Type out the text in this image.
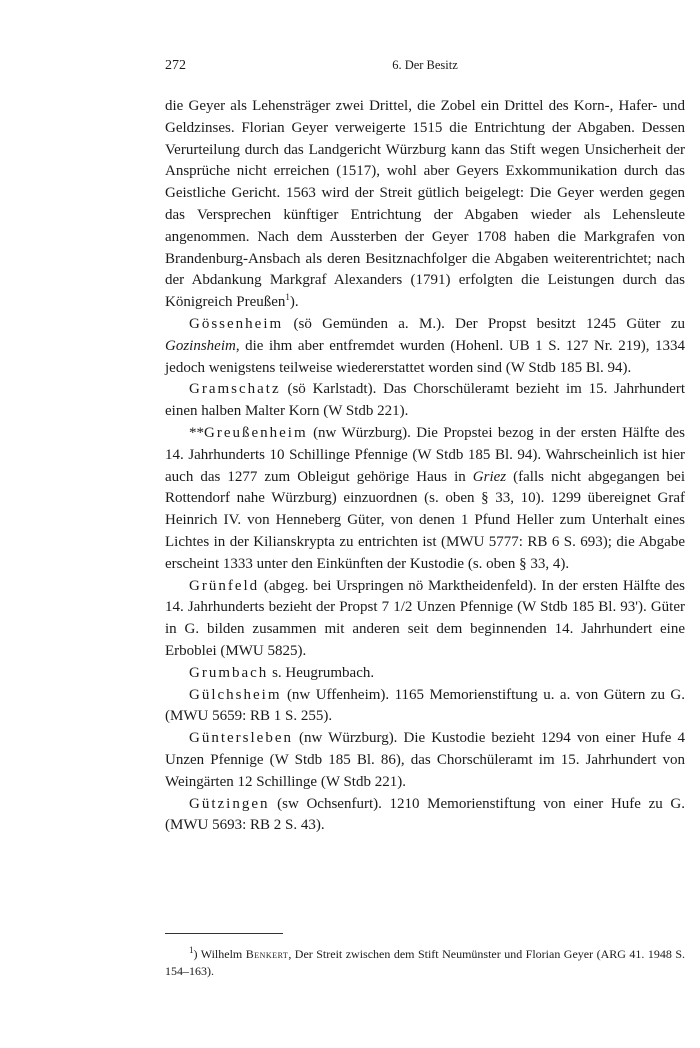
272	6. Der Besitz

die Geyer als Lehensträger zwei Drittel, die Zobel ein Drittel des Korn-, Hafer- und Geldzinses. Florian Geyer verweigerte 1515 die Entrichtung der Abgaben. Dessen Verurteilung durch das Landgericht Würzburg kann das Stift wegen Unsicherheit der Ansprüche nicht erreichen (1517), wohl aber Geyers Exkommunikation durch das Geistliche Gericht. 1563 wird der Streit gütlich beigelegt: Die Geyer werden gegen das Versprechen künftiger Entrichtung der Abgaben wieder als Lehensleute angenommen. Nach dem Aussterben der Geyer 1708 haben die Markgrafen von Brandenburg-Ansbach als deren Besitznachfolger die Abgaben weiterentrichtet; nach der Abdankung Markgraf Alexanders (1791) erfolgten die Leistungen durch das Königreich Preußen$^1$).

Gössenheim (sö Gemünden a. M.). Der Propst besitzt 1245 Güter zu Gozinsheim, die ihm aber entfremdet wurden (Hohenl. UB 1 S. 127 Nr. 219), 1334 jedoch wenigstens teilweise wiedererstattet worden sind (W Stdb 185 Bl. 94).

Gramschatz (sö Karlstadt). Das Chorschüleramt bezieht im 15. Jahrhundert einen halben Malter Korn (W Stdb 221).

**Greußenheim (nw Würzburg). Die Propstei bezog in der ersten Hälfte des 14. Jahrhunderts 10 Schillinge Pfennige (W Stdb 185 Bl. 94). Wahrscheinlich ist hier auch das 1277 zum Obleigut gehörige Haus in Griez (falls nicht abgegangen bei Rottendorf nahe Würzburg) einzuordnen (s. oben § 33, 10). 1299 übereignet Graf Heinrich IV. von Henneberg Güter, von denen 1 Pfund Heller zum Unterhalt eines Lichtes in der Kilianskrypta zu entrichten ist (MWU 5777: RB 6 S. 693); die Abgabe erscheint 1333 unter den Einkünften der Kustodie (s. oben § 33, 4).

Grünfeld (abgeg. bei Urspringen nö Marktheidenfeld). In der ersten Hälfte des 14. Jahrhunderts bezieht der Propst 7 1/2 Unzen Pfennige (W Stdb 185 Bl. 93'). Güter in G. bilden zusammen mit anderen seit dem beginnenden 14. Jahrhundert eine Erboblei (MWU 5825).

Grumbach s. Heugrumbach.

Gülchsheim (nw Uffenheim). 1165 Memorienstiftung u. a. von Gütern zu G. (MWU 5659: RB 1 S. 255).

Güntersleben (nw Würzburg). Die Kustodie bezieht 1294 von einer Hufe 4 Unzen Pfennige (W Stdb 185 Bl. 86), das Chorschüleramt im 15. Jahrhundert von Weingärten 12 Schillinge (W Stdb 221).

Gützingen (sw Ochsenfurt). 1210 Memorienstiftung von einer Hufe zu G. (MWU 5693: RB 2 S. 43).

$^1$) Wilhelm Benkert, Der Streit zwischen dem Stift Neumünster und Florian Geyer (ARG 41. 1948 S. 154–163).
